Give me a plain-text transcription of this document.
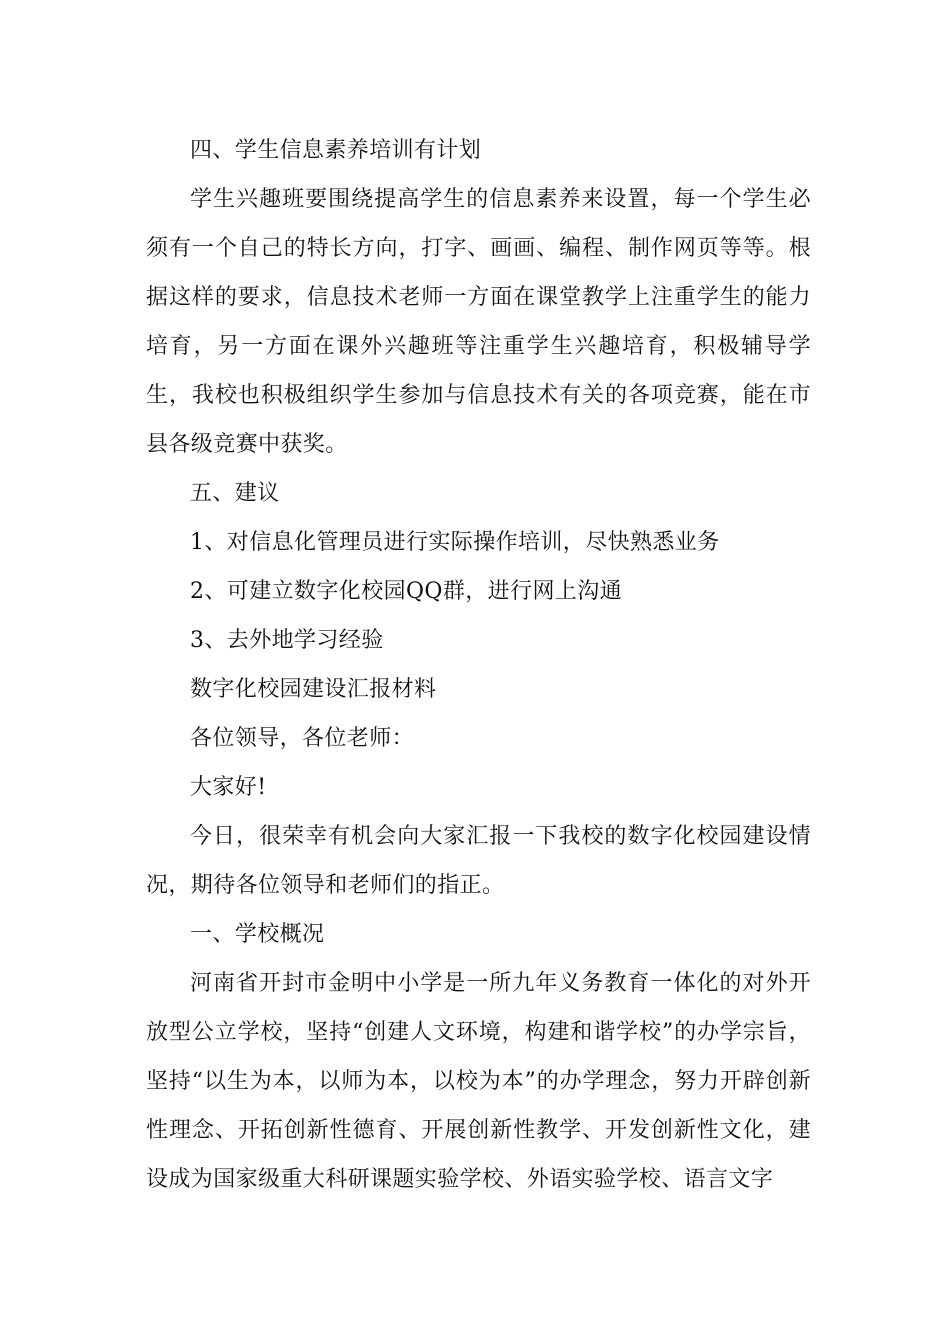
四、学生信息素养培训有计划

学生兴趣班要围绕提高学生的信息素养来设置，每一个学生必须有一个自己的特长方向，打字、画画、编程、制作网页等等。根据这样的要求，信息技术老师一方面在课堂教学上注重学生的能力培育，另一方面在课外兴趣班等注重学生兴趣培育，积极辅导学生，我校也积极组织学生参加与信息技术有关的各项竞赛，能在市县各级竞赛中获奖。

五、建议

1、对信息化管理员进行实际操作培训，尽快熟悉业务

2、可建立数字化校园QQ群，进行网上沟通

3、去外地学习经验

数字化校园建设汇报材料

各位领导，各位老师：

大家好!

今日，很荣幸有机会向大家汇报一下我校的数字化校园建设情况，期待各位领导和老师们的指正。

一、学校概况

河南省开封市金明中小学是一所九年义务教育一体化的对外开放型公立学校，坚持“创建人文环境，构建和谐学校”的办学宗旨，坚持“以生为本，以师为本，以校为本”的办学理念，努力开辟创新性理念、开拓创新性德育、开展创新性教学、开发创新性文化，建设成为国家级重大科研课题实验学校、外语实验学校、语言文字
